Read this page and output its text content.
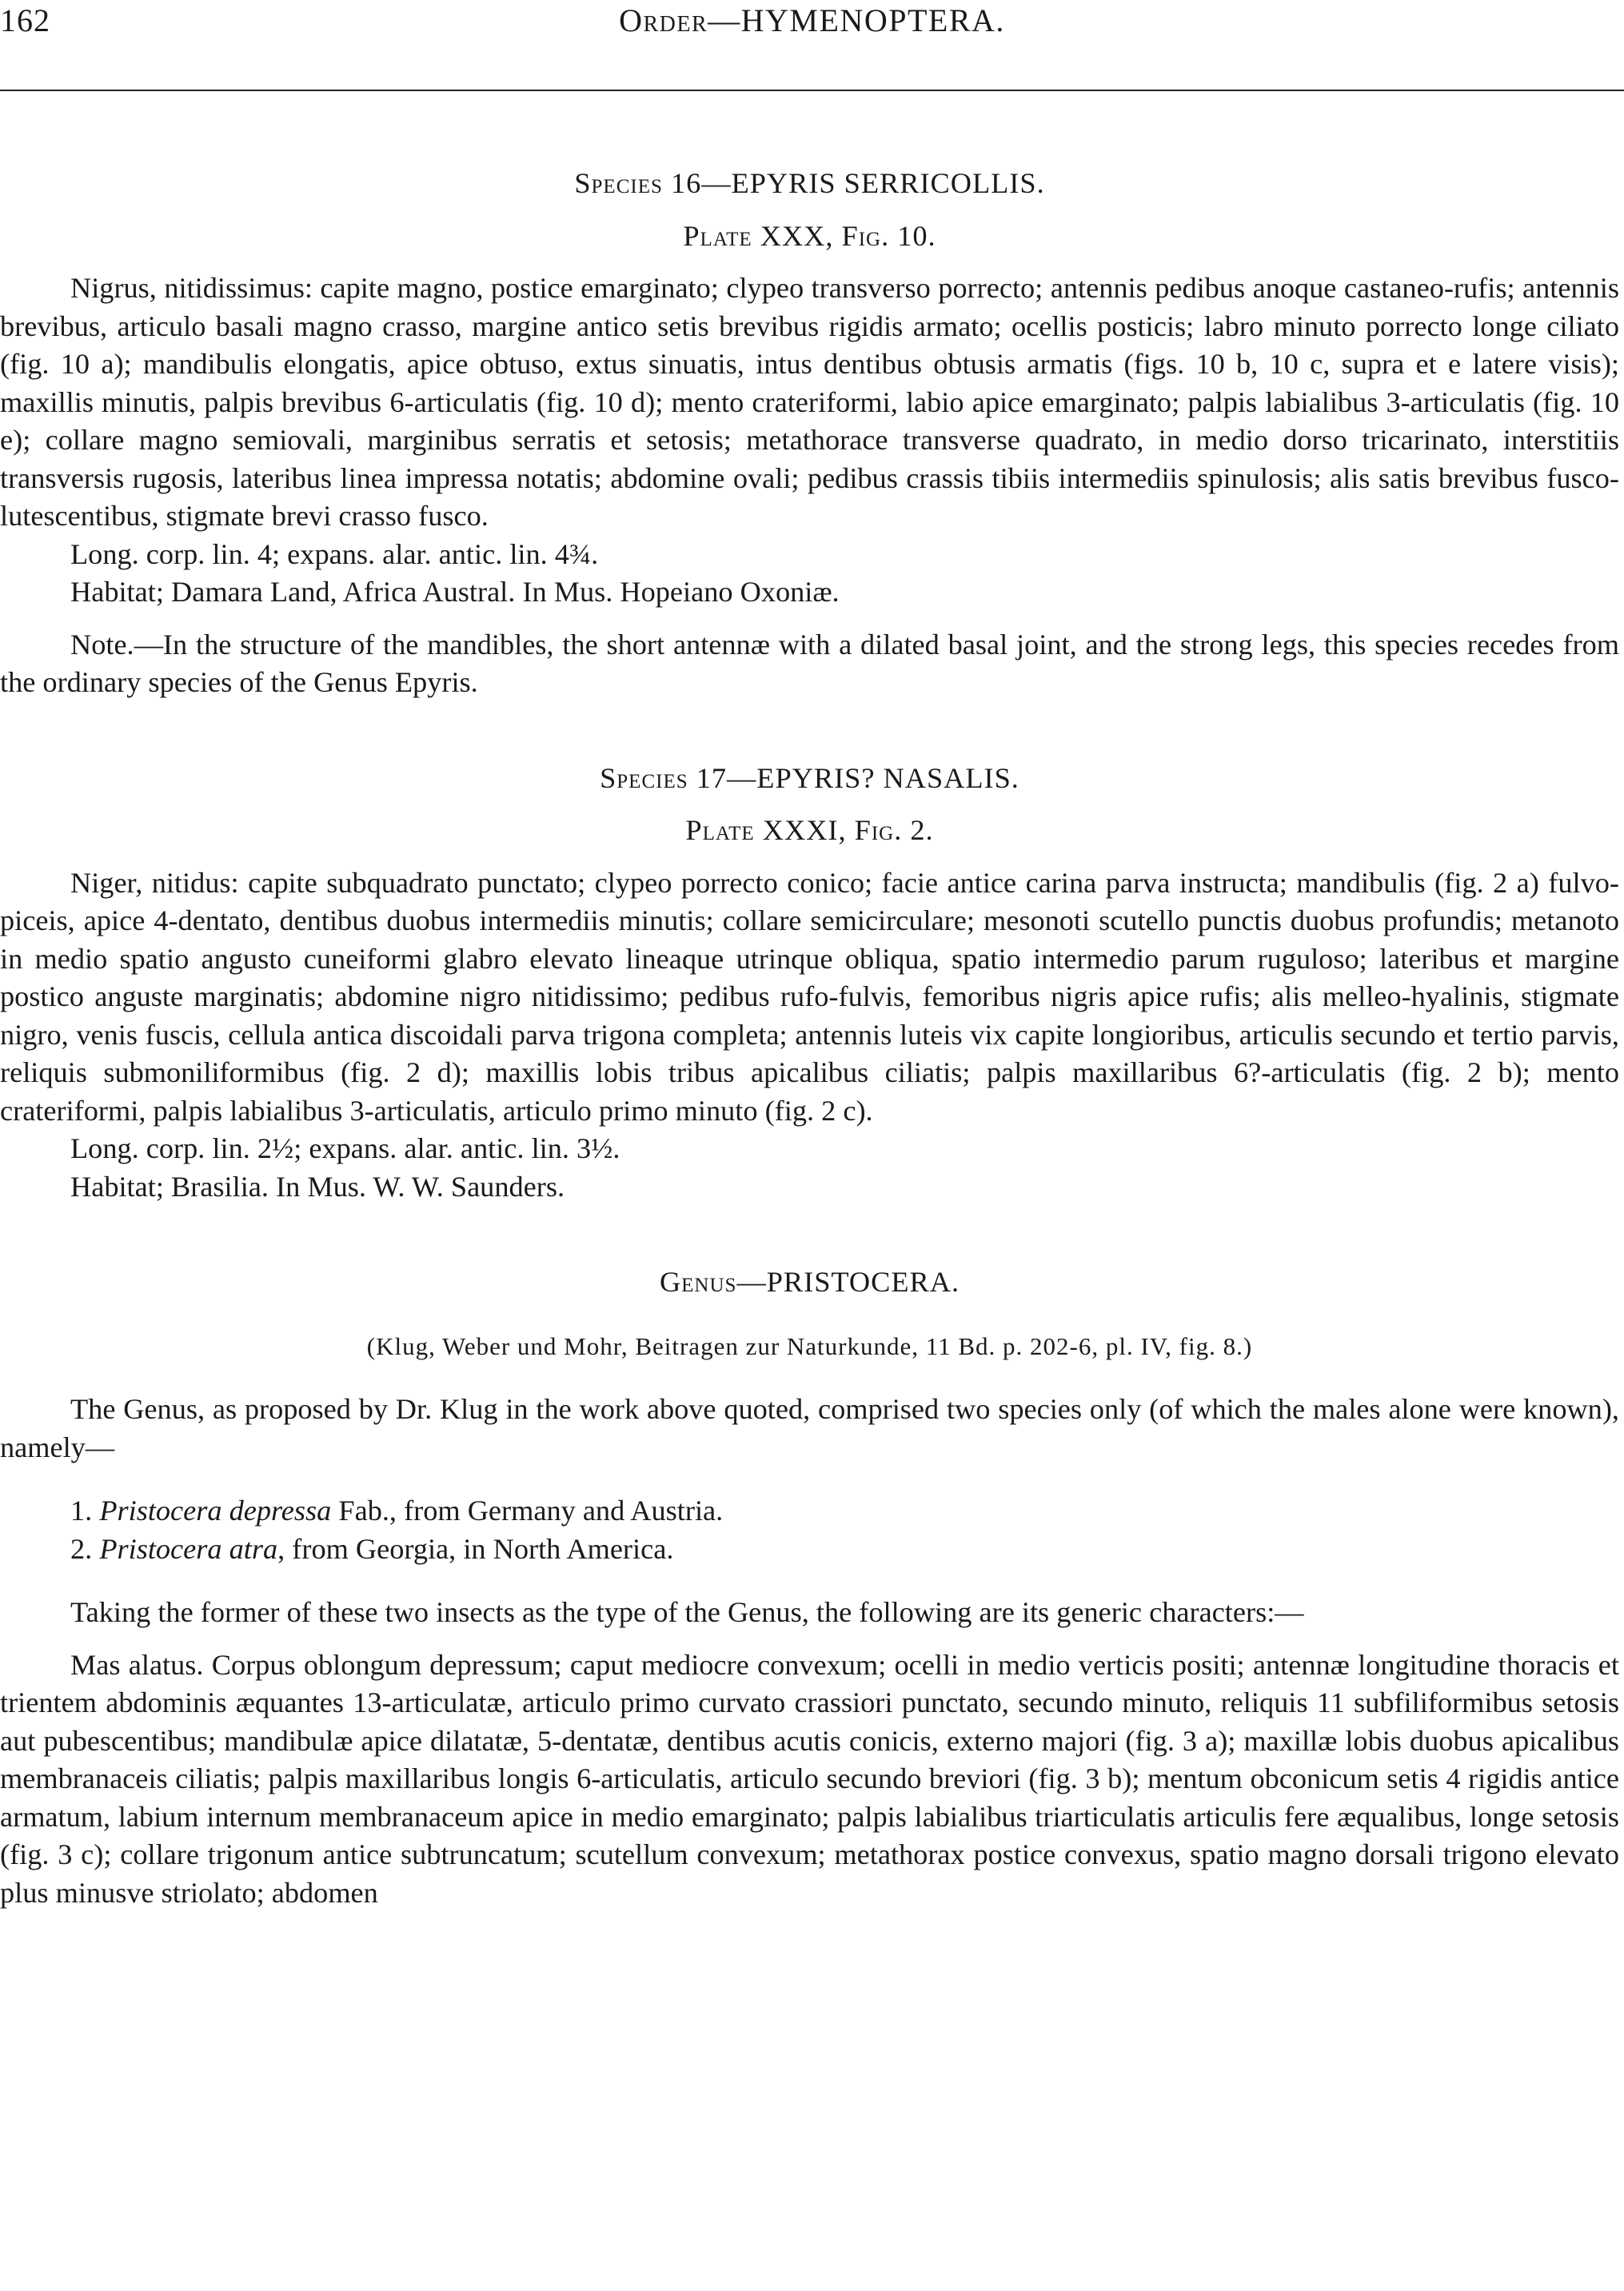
162	Order—HYMENOPTERA.
Species 16—EPYRIS SERRICOLLIS.
Plate XXX, Fig. 10.

Nigrus, nitidissimus: capite magno, postice emarginato; clypeo transverso porrecto; antennis pedibus anoque castaneo-rufis; antennis brevibus, articulo basali magno crasso, margine antico setis brevibus rigidis armato; ocellis posticis; labro minuto porrecto longe ciliato (fig. 10 a); mandibulis elongatis, apice obtuso, extus sinuatis, intus dentibus obtusis armatis (figs. 10 b, 10 c, supra et e latere visis); maxillis minutis, palpis brevibus 6-articulatis (fig. 10 d); mento crateriformi, labio apice emarginato; palpis labialibus 3-articulatis (fig. 10 e); collare magno semiovali, marginibus serratis et setosis; metathorace transverse quadrato, in medio dorso tricarinato, interstitiis transversis rugosis, lateribus linea impressa notatis; abdomine ovali; pedibus crassis tibiis intermediis spinulosis; alis satis brevibus fusco-lutescentibus, stigmate brevi crasso fusco.

Long. corp. lin. 4; expans. alar. antic. lin. 4¾.

Habitat; Damara Land, Africa Austral. In Mus. Hopeiano Oxoniæ.

Note.—In the structure of the mandibles, the short antennæ with a dilated basal joint, and the strong legs, this species recedes from the ordinary species of the Genus Epyris.

Species 17—EPYRIS? NASALIS.
Plate XXXI, Fig. 2.

Niger, nitidus: capite subquadrato punctato; clypeo porrecto conico; facie antice carina parva instructa; mandibulis (fig. 2 a) fulvo-piceis, apice 4-dentato, dentibus duobus intermediis minutis; collare semicirculare; mesonoti scutello punctis duobus profundis; metanoto in medio spatio angusto cuneiformi glabro elevato lineaque utrinque obliqua, spatio intermedio parum ruguloso; lateribus et margine postico anguste marginatis; abdomine nigro nitidissimo; pedibus rufo-fulvis, femoribus nigris apice rufis; alis melleo-hyalinis, stigmate nigro, venis fuscis, cellula antica discoidali parva trigona completa; antennis luteis vix capite longioribus, articulis secundo et tertio parvis, reliquis submoniliformibus (fig. 2 d); maxillis lobis tribus apicalibus ciliatis; palpis maxillaribus 6?-articulatis (fig. 2 b); mento crateriformi, palpis labialibus 3-articulatis, articulo primo minuto (fig. 2 c).

Long. corp. lin. 2½; expans. alar. antic. lin. 3½.

Habitat; Brasilia. In Mus. W. W. Saunders.

Genus—PRISTOCERA.
(Klug, Weber und Mohr, Beitragen zur Naturkunde, 11 Bd. p. 202-6, pl. IV, fig. 8.)

The Genus, as proposed by Dr. Klug in the work above quoted, comprised two species only (of which the males alone were known), namely—

1. Pristocera depressa Fab., from Germany and Austria.
2. Pristocera atra, from Georgia, in North America.

Taking the former of these two insects as the type of the Genus, the following are its generic characters:—

Mas alatus. Corpus oblongum depressum; caput mediocre convexum; ocelli in medio verticis positi; antennæ longitudine thoracis et trientem abdominis æquantes 13-articulatæ, articulo primo curvato crassiori punctato, secundo minuto, reliquis 11 subfiliformibus setosis aut pubescentibus; mandibulæ apice dilatatæ, 5-dentatæ, dentibus acutis conicis, externo majori (fig. 3 a); maxillæ lobis duobus apicalibus membranaceis ciliatis; palpis maxillaribus longis 6-articulatis, articulo secundo breviori (fig. 3 b); mentum obconicum setis 4 rigidis antice armatum, labium internum membranaceum apice in medio emarginato; palpis labialibus triarticulatis articulis fere æqualibus, longe setosis (fig. 3 c); collare trigonum antice subtruncatum; scutellum convexum; metathorax postice convexus, spatio magno dorsali trigono elevato plus minusve striolato; abdomen
